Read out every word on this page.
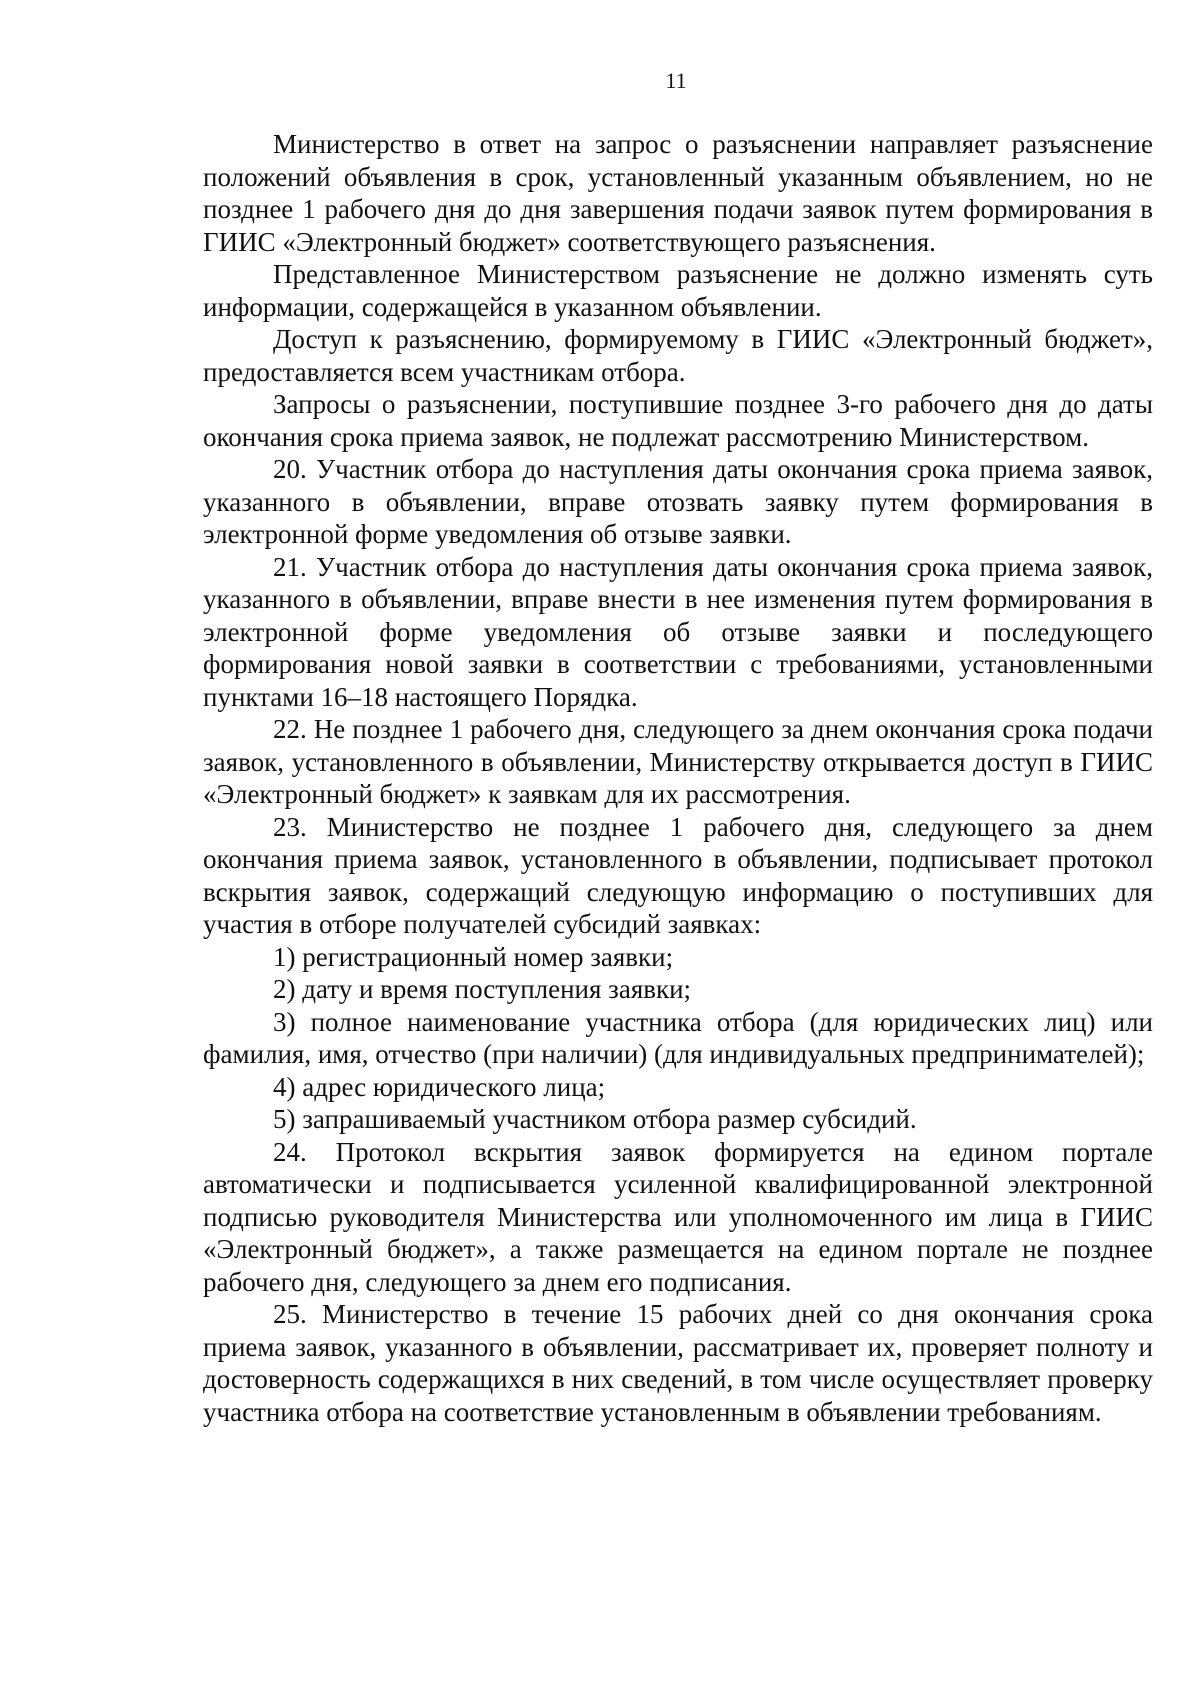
11

Министерство в ответ на запрос о разъяснении направляет разъяснение положений объявления в срок, установленный указанным объявлением, но не позднее 1 рабочего дня до дня завершения подачи заявок путем формирования в ГИИС «Электронный бюджет» соответствующего разъяснения.

Представленное Министерством разъяснение не должно изменять суть информации, содержащейся в указанном объявлении.

Доступ к разъяснению, формируемому в ГИИС «Электронный бюджет», предоставляется всем участникам отбора.

Запросы о разъяснении, поступившие позднее 3-го рабочего дня до даты окончания срока приема заявок, не подлежат рассмотрению Министерством.

20. Участник отбора до наступления даты окончания срока приема заявок, указанного в объявлении, вправе отозвать заявку путем формирования в электронной форме уведомления об отзыве заявки.

21. Участник отбора до наступления даты окончания срока приема заявок, указанного в объявлении, вправе внести в нее изменения путем формирования в электронной форме уведомления об отзыве заявки и последующего формирования новой заявки в соответствии с требованиями, установленными пунктами 16–18 настоящего Порядка.

22. Не позднее 1 рабочего дня, следующего за днем окончания срока подачи заявок, установленного в объявлении, Министерству открывается доступ в ГИИС «Электронный бюджет» к заявкам для их рассмотрения.

23. Министерство не позднее 1 рабочего дня, следующего за днем окончания приема заявок, установленного в объявлении, подписывает протокол вскрытия заявок, содержащий следующую информацию о поступивших для участия в отборе получателей субсидий заявках:

1) регистрационный номер заявки;

2) дату и время поступления заявки;

3) полное наименование участника отбора (для юридических лиц) или фамилия, имя, отчество (при наличии) (для индивидуальных предпринимателей);

4) адрес юридического лица;

5) запрашиваемый участником отбора размер субсидий.

24. Протокол вскрытия заявок формируется на едином портале автоматически и подписывается усиленной квалифицированной электронной подписью руководителя Министерства или уполномоченного им лица в ГИИС «Электронный бюджет», а также размещается на едином портале не позднее рабочего дня, следующего за днем его подписания.

25. Министерство в течение 15 рабочих дней со дня окончания срока приема заявок, указанного в объявлении, рассматривает их, проверяет полноту и достоверность содержащихся в них сведений, в том числе осуществляет проверку участника отбора на соответствие установленным в объявлении требованиям.
